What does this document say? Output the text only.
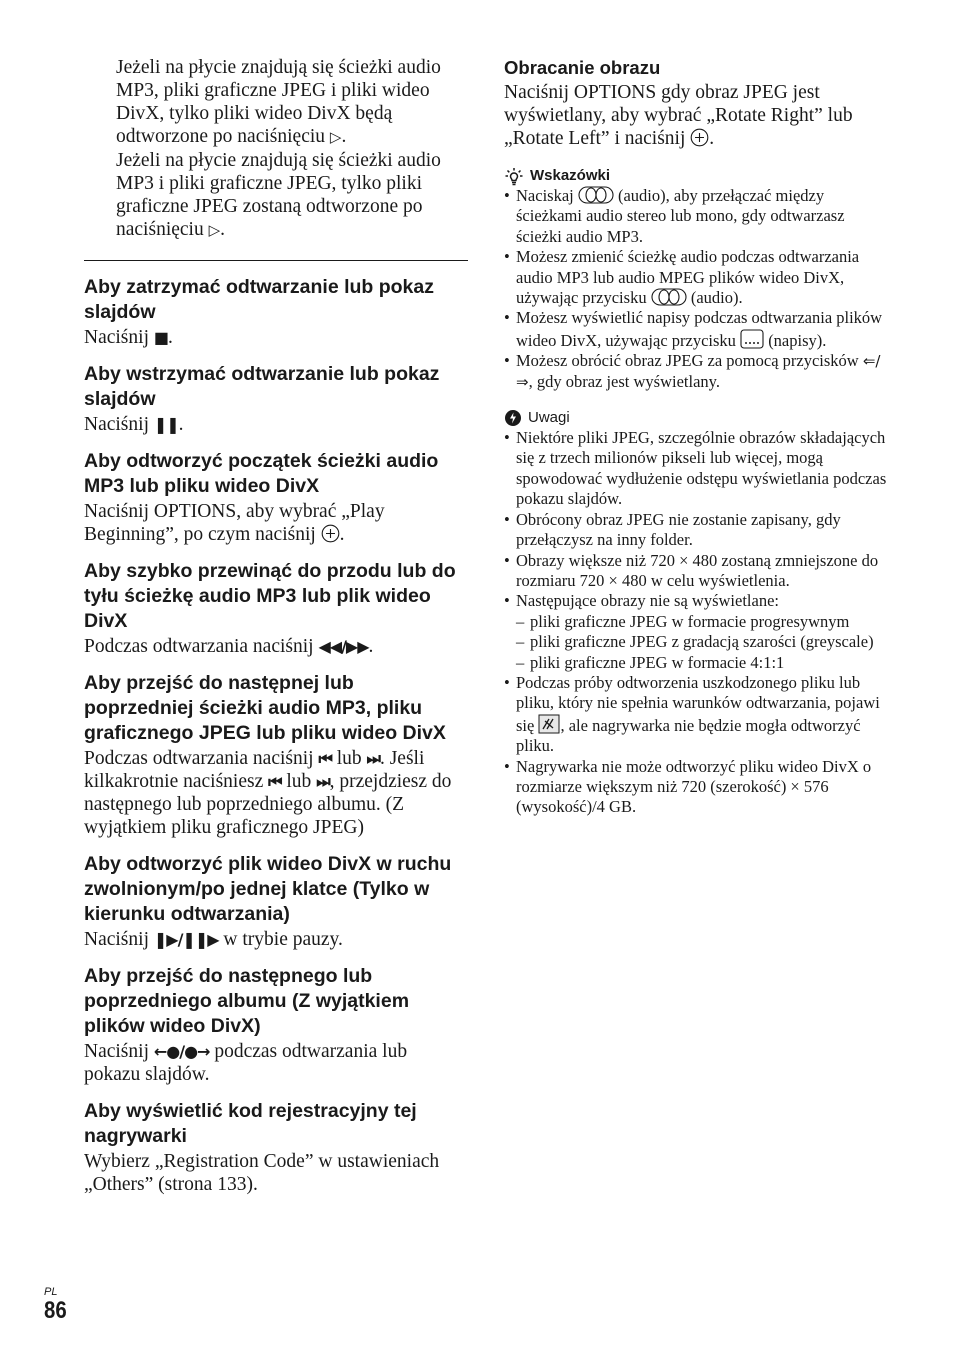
Jeżeli na płycie znajdują się ścieżki audio MP3, pliki graficzne JPEG i pliki wideo DivX, tylko pliki wideo DivX będą odtworzone po naciśnięciu ▷.

Jeżeli na płycie znajdują się ścieżki audio MP3 i pliki graficzne JPEG, tylko pliki graficzne JPEG zostaną odtworzone po naciśnięciu ▷.

Aby zatrzymać odtwarzanie lub pokaz slajdów

Naciśnij ■.

Aby wstrzymać odtwarzanie lub pokaz slajdów

Naciśnij ❚❚.

Aby odtworzyć początek ścieżki audio MP3 lub pliku wideo DivX

Naciśnij OPTIONS, aby wybrać „Play Beginning”, po czym naciśnij .

Aby szybko przewinąć do przodu lub do tyłu ścieżkę audio MP3 lub plik wideo DivX

Podczas odtwarzania naciśnij ◀◀/▶▶.

Aby przejść do następnej lub poprzedniej ścieżki audio MP3, pliku graficznego JPEG lub pliku wideo DivX

Podczas odtwarzania naciśnij ⏮ lub ⏭. Jeśli kilkakrotnie naciśniesz ⏮ lub ⏭, przejdziesz do następnego lub poprzedniego albumu. (Z wyjątkiem pliku graficznego JPEG)

Aby odtworzyć plik wideo DivX w ruchu zwolnionym/po jednej klatce (Tylko w kierunku odtwarzania)

Naciśnij ❚▶/❚❚▶ w trybie pauzy.

Aby przejść do następnego lub poprzedniego albumu (Z wyjątkiem plików wideo DivX)

Naciśnij ←●/●→ podczas odtwarzania lub pokazu slajdów.

Aby wyświetlić kod rejestracyjny tej nagrywarki

Wybierz „Registration Code” w ustawieniach „Others” (strona 133).

Obracanie obrazu

Naciśnij OPTIONS gdy obraz JPEG jest wyświetlany, aby wybrać „Rotate Right” lub „Rotate Left” i naciśnij .

Wskazówki
• Naciskaj	(audio), aby przełączać między ścieżkami audio stereo lub mono, gdy odtwarzasz ścieżki audio MP3.
• Możesz zmienić ścieżkę audio podczas odtwarzania audio MP3 lub audio MPEG plików wideo DivX, używając przycisku	(audio).
• Możesz wyświetlić napisy podczas odtwarzania plików wideo DivX, używając przycisku (napisy).
• Możesz obrócić obraz JPEG za pomocą przycisków ⇐/⇒, gdy obraz jest wyświetlany.
Uwagi
• Niektóre pliki JPEG, szczególnie obrazów składających się z trzech milionów pikseli lub więcej, mogą spowodować wydłużenie odstępu wyświetlania podczas pokazu slajdów.
• Obrócony obraz JPEG nie zostanie zapisany, gdy przełączysz na inny folder.
• Obrazy większe niż 720 × 480 zostaną zmniejszone do rozmiaru 720 × 480 w celu wyświetlenia.
• Następujące obrazy nie są wyświetlane:
– pliki graficzne JPEG w formacie progresywnym
– pliki graficzne JPEG z gradacją szarości (greyscale)
– pliki graficzne JPEG w formacie 4:1:1
• Podczas próby odtworzenia uszkodzonego pliku lub pliku, który nie spełnia warunków odtwarzania, pojawi się , ale nagrywarka nie będzie mogła odtworzyć pliku.
• Nagrywarka nie może odtworzyć pliku wideo DivX o rozmiarze większym niż 720 (szerokość) × 576 (wysokość)/4 GB.
PL
86
